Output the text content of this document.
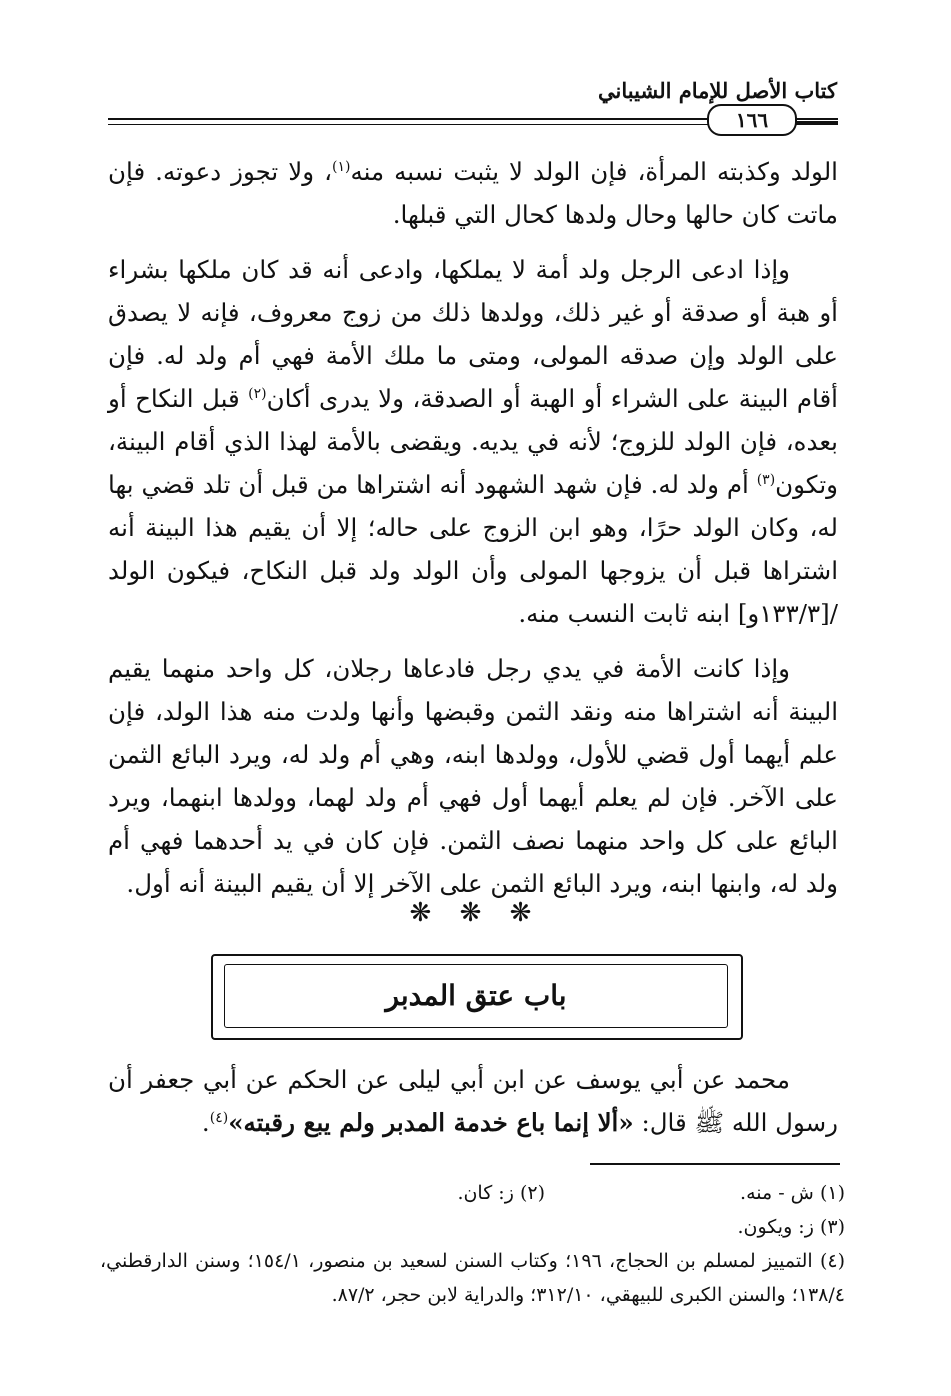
كتاب الأصل للإمام الشيباني
١٦٦

الولد وكذبته المرأة، فإن الولد لا يثبت نسبه منه$^{(١)}$، ولا تجوز دعوته. فإن ماتت كان حالها وحال ولدها كحال التي قبلها.

وإذا ادعى الرجل ولد أمة لا يملكها، وادعى أنه قد كان ملكها بشراء أو هبة أو صدقة أو غير ذلك، وولدها ذلك من زوج معروف، فإنه لا يصدق على الولد وإن صدقه المولى، ومتى ما ملك الأمة فهي أم ولد له. فإن أقام البينة على الشراء أو الهبة أو الصدقة، ولا يدرى أكان$^{(٢)}$ قبل النكاح أو بعده، فإن الولد للزوج؛ لأنه في يديه. ويقضى بالأمة لهذا الذي أقام البينة، وتكون$^{(٣)}$ أم ولد له. فإن شهد الشهود أنه اشتراها من قبل أن تلد قضي بها له، وكان الولد حرًا، وهو ابن الزوج على حاله؛ إلا أن يقيم هذا البينة أنه اشتراها قبل أن يزوجها المولى وأن الولد ولد قبل النكاح، فيكون الولد /[١٣٣/٣و] ابنه ثابت النسب منه.

وإذا كانت الأمة في يدي رجل فادعاها رجلان، كل واحد منهما يقيم البينة أنه اشتراها منه ونقد الثمن وقبضها وأنها ولدت منه هذا الولد، فإن علم أيهما أول قضي للأول، وولدها ابنه، وهي أم ولد له، ويرد البائع الثمن على الآخر. فإن لم يعلم أيهما أول فهي أم ولد لهما، وولدها ابنهما، ويرد البائع على كل واحد منهما نصف الثمن. فإن كان في يد أحدهما فهي أم ولد له، وابنها ابنه، ويرد البائع الثمن على الآخر إلا أن يقيم البينة أنه أول.

❋ ❋ ❋
باب عتق المدبر

محمد عن أبي يوسف عن ابن أبي ليلى عن الحكم عن أبي جعفر أن رسول الله ﷺ قال: «ألا إنما باع خدمة المدبر ولم يبع رقبته»$^{(٤)}$.

(١) ش - منه.
(٢) ز: كان.
(٣) ز: ويكون.
(٤) التمييز لمسلم بن الحجاج، ١٩٦؛ وكتاب السنن لسعيد بن منصور، ١٥٤/١؛ وسنن الدارقطني، ١٣٨/٤؛ والسنن الكبرى للبيهقي، ٣١٢/١٠؛ والدراية لابن حجر، ٨٧/٢.
